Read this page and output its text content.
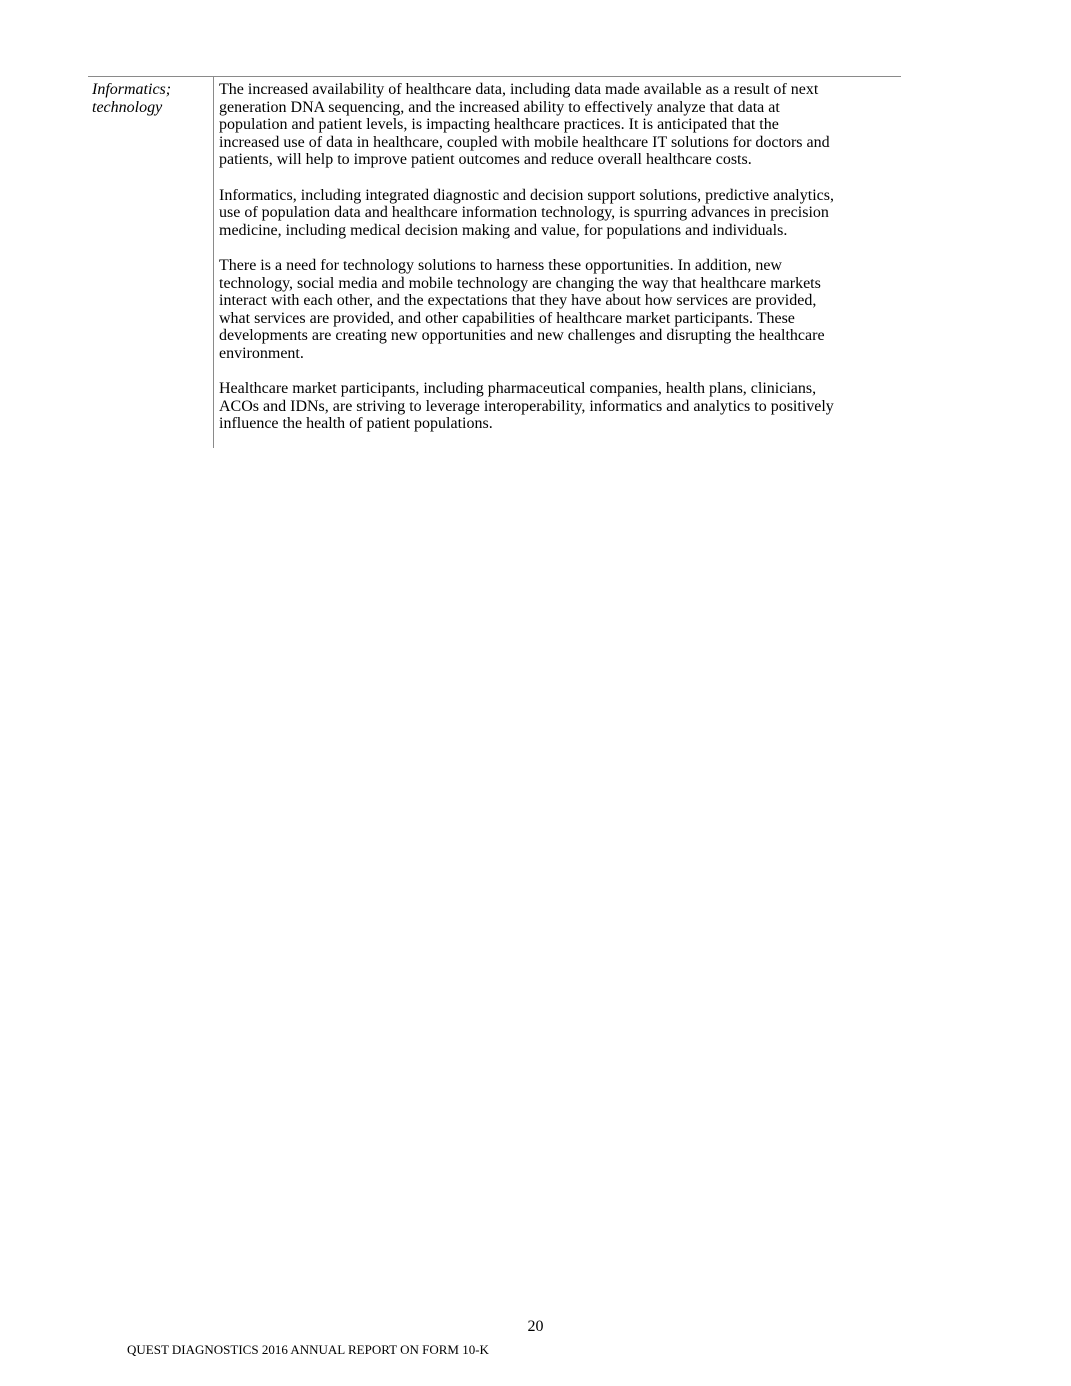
Informatics;
technology
The increased availability of healthcare data, including data made available as a result of next
generation DNA sequencing, and the increased ability to effectively analyze that data at
population and patient levels, is impacting healthcare practices. It is anticipated that the
increased use of data in healthcare, coupled with mobile healthcare IT solutions for doctors and
patients, will help to improve patient outcomes and reduce overall healthcare costs.
Informatics, including integrated diagnostic and decision support solutions, predictive analytics,
use of population data and healthcare information technology, is spurring advances in precision
medicine, including medical decision making and value, for populations and individuals.
There is a need for technology solutions to harness these opportunities. In addition, new
technology, social media and mobile technology are changing the way that healthcare markets
interact with each other, and the expectations that they have about how services are provided,
what services are provided, and other capabilities of healthcare market participants. These
developments are creating new opportunities and new challenges and disrupting the healthcare
environment.
Healthcare market participants, including pharmaceutical companies, health plans, clinicians,
ACOs and IDNs, are striving to leverage interoperability, informatics and analytics to positively
influence the health of patient populations.
20
QUEST DIAGNOSTICS 2016 ANNUAL REPORT ON FORM 10-K
